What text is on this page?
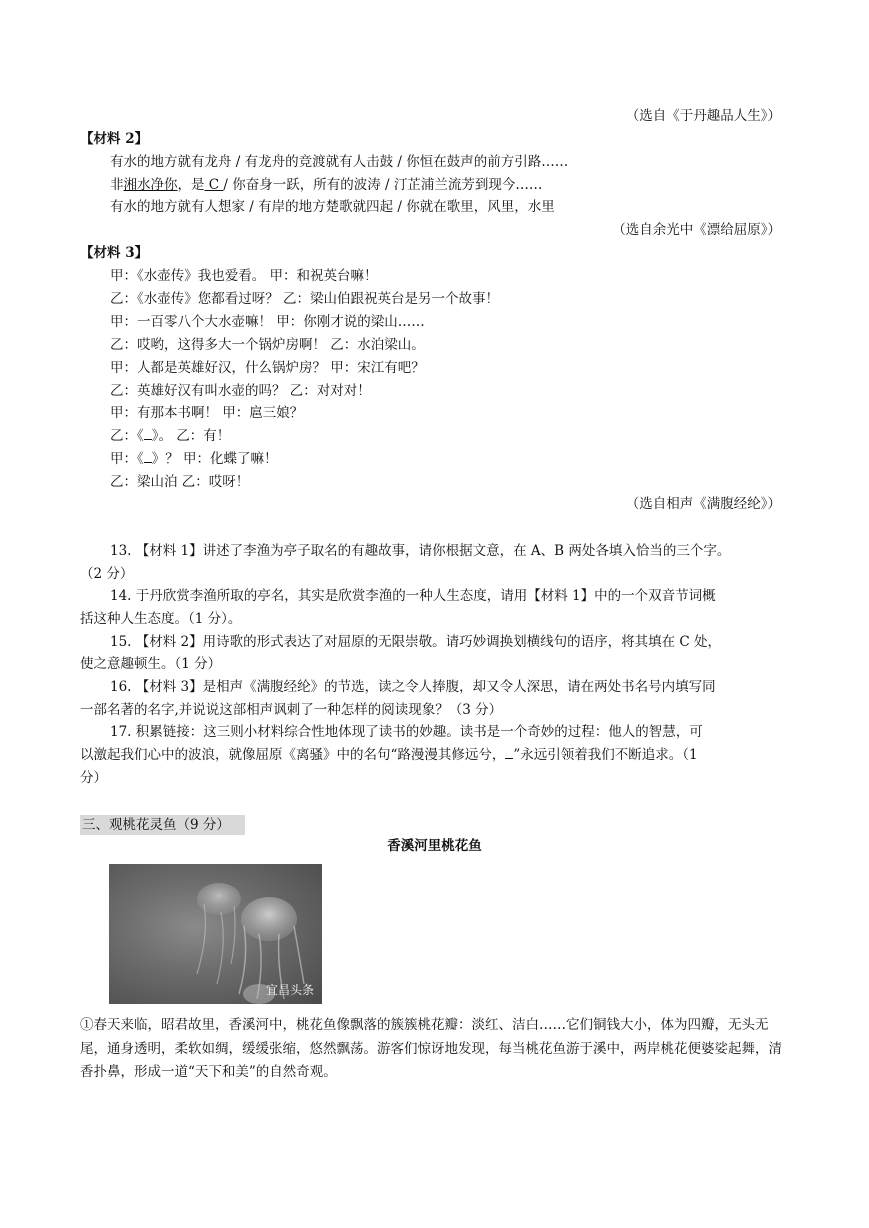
（选自《于丹趣品人生》）
【材料 2】
有水的地方就有龙舟 / 有龙舟的竞渡就有人击鼓 / 你恒在鼓声的前方引路……
非湘水净你，是 C / 你奋身一跃，所有的波涛 / 汀芷浦兰流芳到现今……
有水的地方就有人想家 / 有岸的地方楚歌就四起 / 你就在歌里，风里，水里
（选自余光中《漂给屈原》）
【材料 3】
甲：《水壶传》我也爱看。 甲：和祝英台嘛！
乙：《水壶传》您都看过呀？ 乙：梁山伯跟祝英台是另一个故事！
甲：一百零八个大水壶嘛！ 甲：你刚才说的梁山……
乙：哎哟，这得多大一个锅炉房啊！ 乙：水泊梁山。
甲：人都是英雄好汉，什么锅炉房？ 甲：宋江有吧？
乙：英雄好汉有叫水壶的吗？ 乙：对对对！
甲：有那本书啊！ 甲：扈三娘？
乙：《 》。 乙：有！
甲：《 》？ 甲：化蝶了嘛！
乙：梁山泊 乙：哎呀！
（选自相声《满腹经纶》）
13. 【材料 1】讲述了李渔为亭子取名的有趣故事，请你根据文意，在 A、B 两处各填入恰当的三个字。
（2 分）
14. 于丹欣赏李渔所取的亭名，其实是欣赏李渔的一种人生态度，请用【材料 1】中的一个双音节词概
括这种人生态度。（1 分）。
15. 【材料 2】用诗歌的形式表达了对屈原的无限崇敬。请巧妙调换划横线句的语序，将其填在 C 处，
使之意趣顿生。（1 分）
16. 【材料 3】是相声《满腹经纶》的节选，读之令人捧腹，却又令人深思，请在两处书名号内填写同
一部名著的名字,并说说这部相声讽刺了一种怎样的阅读现象？（3 分）
17. 积累链接：这三则小材料综合性地体现了读书的妙趣。读书是一个奇妙的过程：他人的智慧，可
以激起我们心中的波浪，就像屈原《离骚》中的名句“路漫漫其修远兮， ”永远引领着我们不断追求。（1
分）
三、观桃花灵鱼（9 分）
香溪河里桃花鱼
宜昌头条
①春天来临，昭君故里，香溪河中，桃花鱼像飘落的簇簇桃花瓣：淡红、洁白……它们铜钱大小，体为四瓣，无头无尾，通身透明，柔软如绸，缓缓张缩，悠然飘荡。游客们惊讶地发现，每当桃花鱼游于溪中，两岸桃花便婆娑起舞，清香扑鼻，形成一道“天下和美”的自然奇观。
